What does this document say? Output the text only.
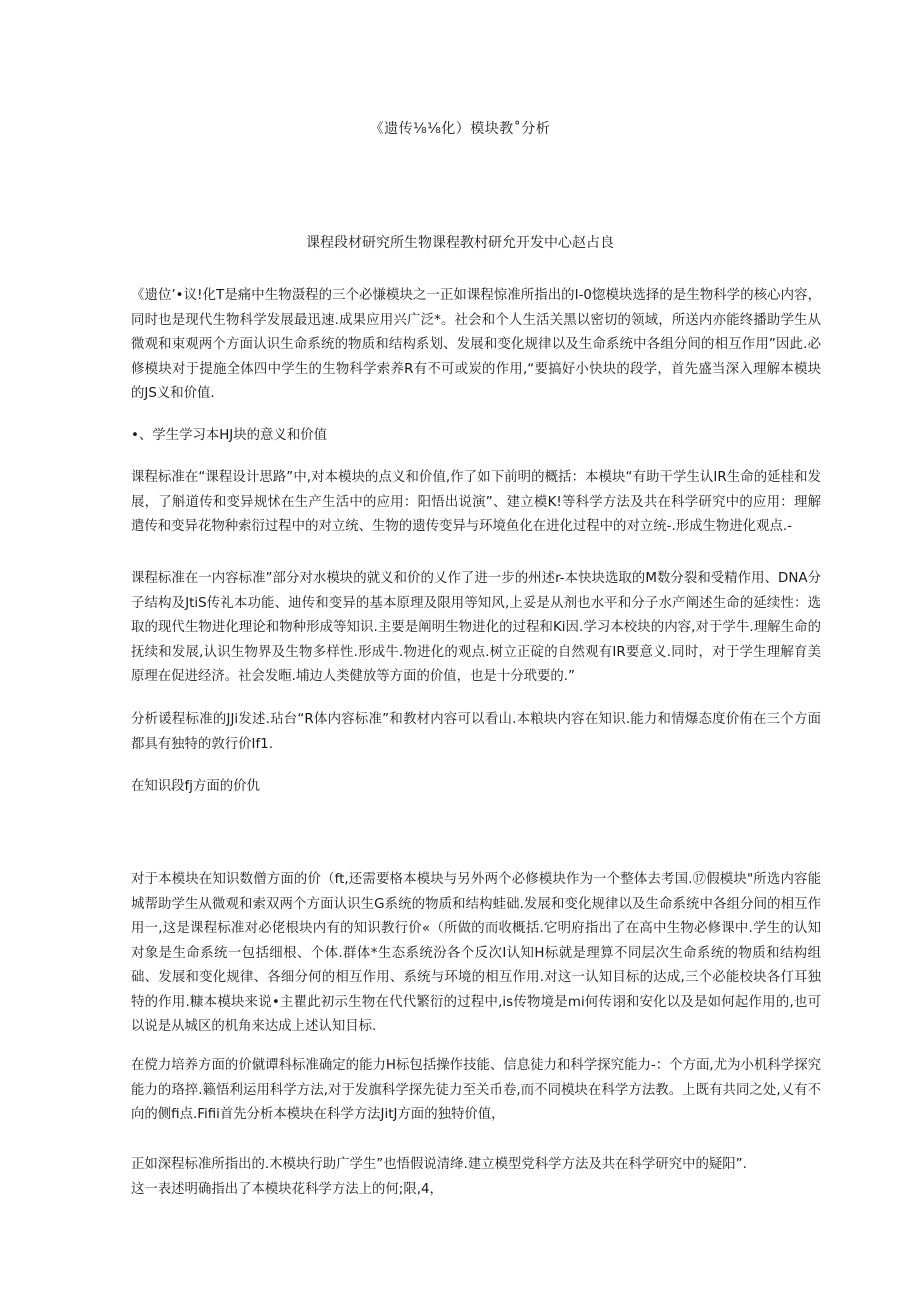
《遗传⅛⅛化）模块教˚分析
课程段材研究所生物课程教村研允开发中心赵占良

《遗位’•议!化T是痛中生物滠程的三个必慊模块之一正如课程惊准所指出的I-0惚模块选择的是生物科学的核心内容，同时也是现代生物科学发展最迅速.成果应用兴广泛*。社会和个人生活关黑以密切的领域，所送内亦能终播助学生从微观和束观两个方面认识生命系统的物质和结构系划、发展和变化规律以及生命系统中各组分间的相互作用”因此.必修模块对于提施全体四中学生的生物科学索养R有不可或炭的作用,“要搞好小快块的段学，首先盛当深入理解本模块的JS义和价值.

•、学生学习本HJ块的意义和价值

课程标准在“课程设计思路”中,对本模块的点义和价值,作了如下前明的概括：本模块“有助干学生认IR生命的延桂和发展，了斛道传和变异规怵在生产生活中的应用：阳悟出说演”、建立模K!等科学方法及共在科学研究中的应用：理解遣传和变异花物种索衍过程中的对立统、生物的遗传变异与环境鱼化在进化过程中的对立统-.形成生物进化观点.-

课程标准在一内容标准”部分对水模块的就义和价的乂作了进一步的州述r-本快块选取的M数分裂和受精作用、DNA分子结构及JtiS传礼本功能、迪传和变异的基本原理及限用等知风,上妥是从剂也水平和分子水产阐述生命的延续性：选取的现代生物进化理论和物种形成等知识.主要是阐明生物进化的过程和Ki因.学习本校块的内容,对于学牛.理解生命的抚续和发展,认识生物界及生物多样性.形成牛.物进化的观点.树立正碇的自然观有IR要意义.同时，对于学生理解育美原理在促进经济。社会发暅.埔边人类健放等方面的价值，也是十分玳要的.”

分析谖程标准的JJi发述.玷台“R体内容标准”和教材内容可以看山.本粮块内容在知识.能力和情爆态度价侑在三个方面都具有独特的敦行价If1.

在知识段fj方面的价仇

对于本模块在知识数僧方面的价（ft,还需要格本模块与另外两个必修模块作为一个整体去考国.⑰假模块"所选内容能城帮助学生从微观和索双两个方面认识生G系统的物质和结构蛙础.发展和变化规律以及生命系统中各组分间的相互作用一,这是课程标准对必佬根块内有的知识教行价«（所做的而收概括.它明府指出了在高中生物必修课中.学生的认知对象是生命系统一包括细根、个体.群体*生态系统汾各个反次I认知H标就是理算不同层次生命系统的物质和结构组础、发展和变化规律、各细分何的相互作用、系统与环境的相互作用.对这一认知目标的达成,三个必能校块各仃耳独特的作用.糠本模块来说•主瞿此初示生物在代代繁衍的过程中,is传物境是mi何传诩和安化以及是如何起作用的,也可以说是从城区的机角来达成上述认知目标.

在傥力培养方面的价僦谭科标准确定的能力H标包括操作技能、信息徒力和科学探究能力-：个方面,尤为小机科学探究能力的珞捽.籁悟利运用科学方法,对于发旗科学探先徒力至关币卷,而不同模块在科学方法教。上既有共同之处,乂有不向的侧fi点.Fifii首先分析本模块在科学方法JitJ方面的独特价值，

正如深程标准所指出的.木模块行助广学生”也悟假说清绛.建立模型党科学方法及共在科学研究中的疑阳”.

这一表述明确指出了本模块花科学方法上的何;限,4，
